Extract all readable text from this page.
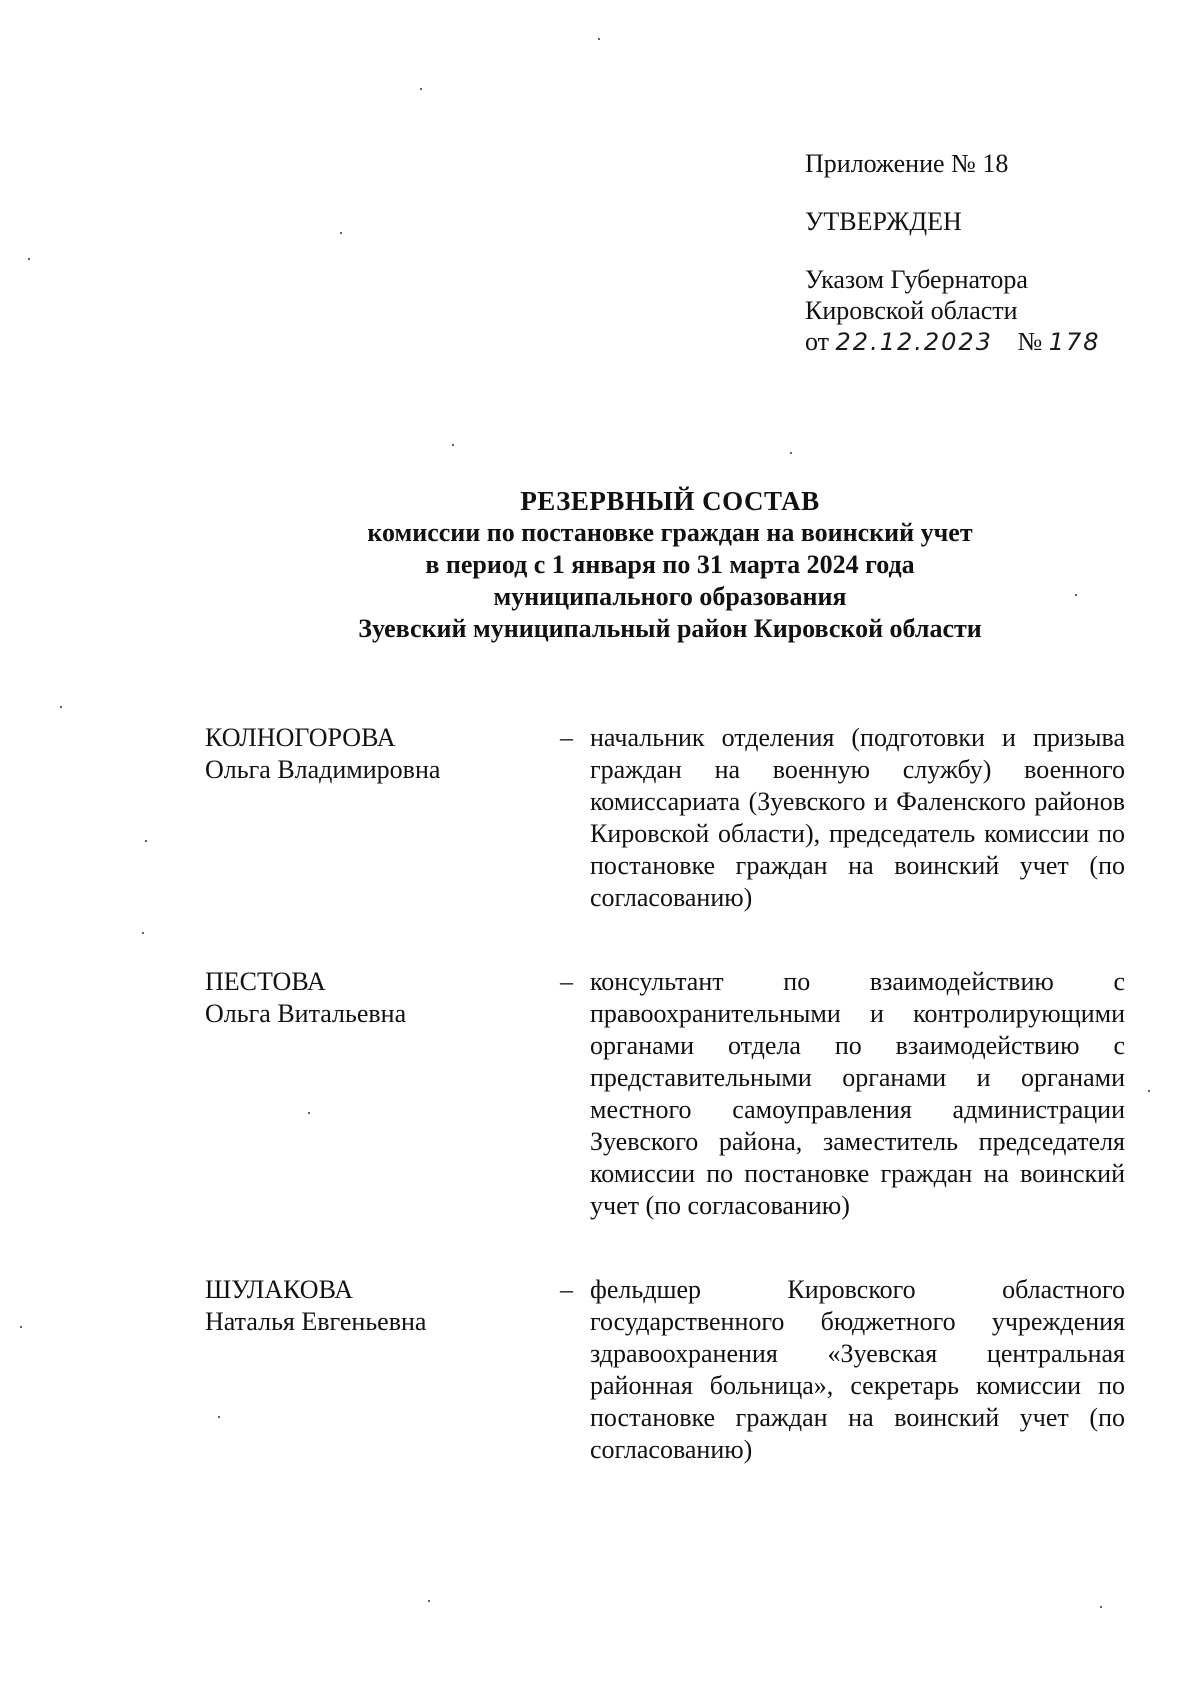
Приложение № 18
УТВЕРЖДЕН
Указом Губернатора
Кировской области
от 22.12.2023 № 178
РЕЗЕРВНЫЙ СОСТАВ
комиссии по постановке граждан на воинский учет
в период с 1 января по 31 марта 2024 года
муниципального образования
Зуевский муниципальный район Кировской области
КОЛНОГОРОВА
Ольга Владимировна
– начальник отделения (подготовки и призыва граждан на военную службу) военного комиссариата (Зуевского и Фаленского районов Кировской области), председатель комиссии по постановке граждан на воинский учет (по согласованию)
ПЕСТОВА
Ольга Витальевна
– консультант по взаимодействию с правоохранительными и контролирующими органами отдела по взаимодействию с представительными органами и органами местного самоуправления администрации Зуевского района, заместитель председателя комиссии по постановке граждан на воинский учет (по согласованию)
ШУЛАКОВА
Наталья Евгеньевна
– фельдшер Кировского областного государственного бюджетного учреждения здравоохранения «Зуевская центральная районная больница», секретарь комиссии по постановке граждан на воинский учет (по согласованию)
